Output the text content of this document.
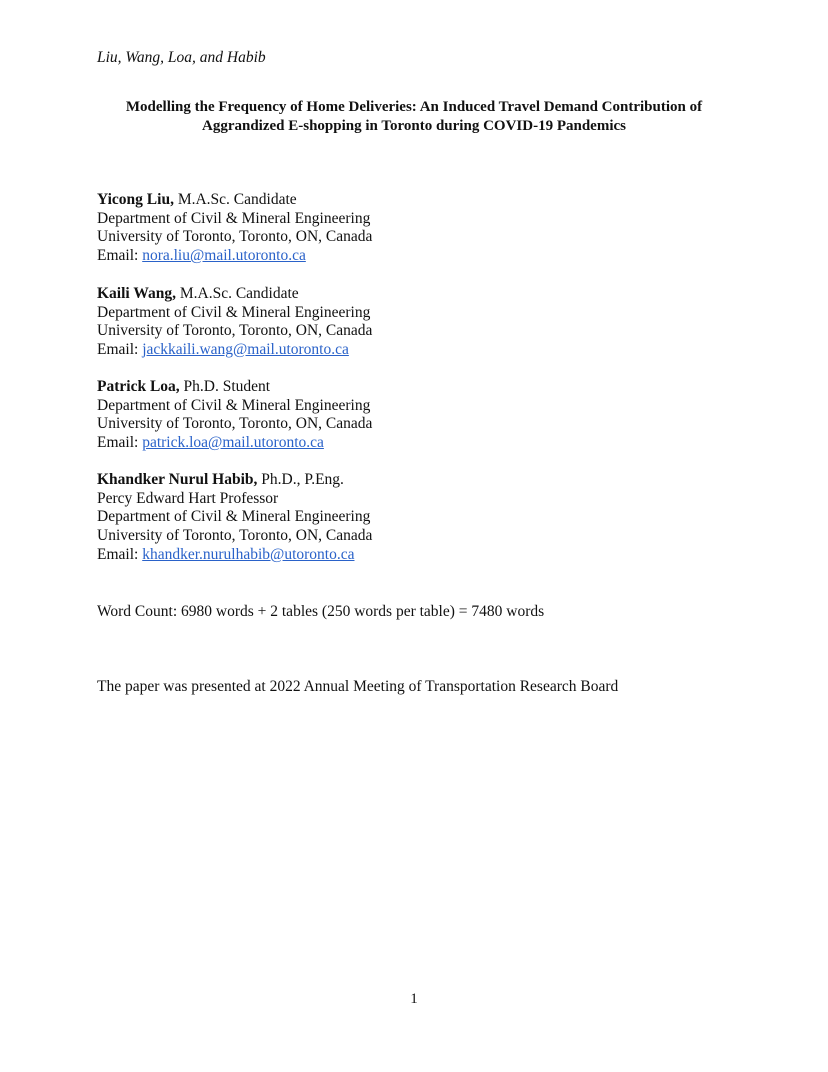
Liu, Wang, Loa, and Habib
Modelling the Frequency of Home Deliveries: An Induced Travel Demand Contribution of
Aggrandized E-shopping in Toronto during COVID-19 Pandemics
Yicong Liu, M.A.Sc. Candidate
Department of Civil & Mineral Engineering
University of Toronto, Toronto, ON, Canada
Email: nora.liu@mail.utoronto.ca
Kaili Wang, M.A.Sc. Candidate
Department of Civil & Mineral Engineering
University of Toronto, Toronto, ON, Canada
Email: jackkaili.wang@mail.utoronto.ca
Patrick Loa, Ph.D. Student
Department of Civil & Mineral Engineering
University of Toronto, Toronto, ON, Canada
Email: patrick.loa@mail.utoronto.ca
Khandker Nurul Habib, Ph.D., P.Eng.
Percy Edward Hart Professor
Department of Civil & Mineral Engineering
University of Toronto, Toronto, ON, Canada
Email: khandker.nurulhabib@utoronto.ca
Word Count: 6980 words + 2 tables (250 words per table) = 7480 words
The paper was presented at 2022 Annual Meeting of Transportation Research Board
1
